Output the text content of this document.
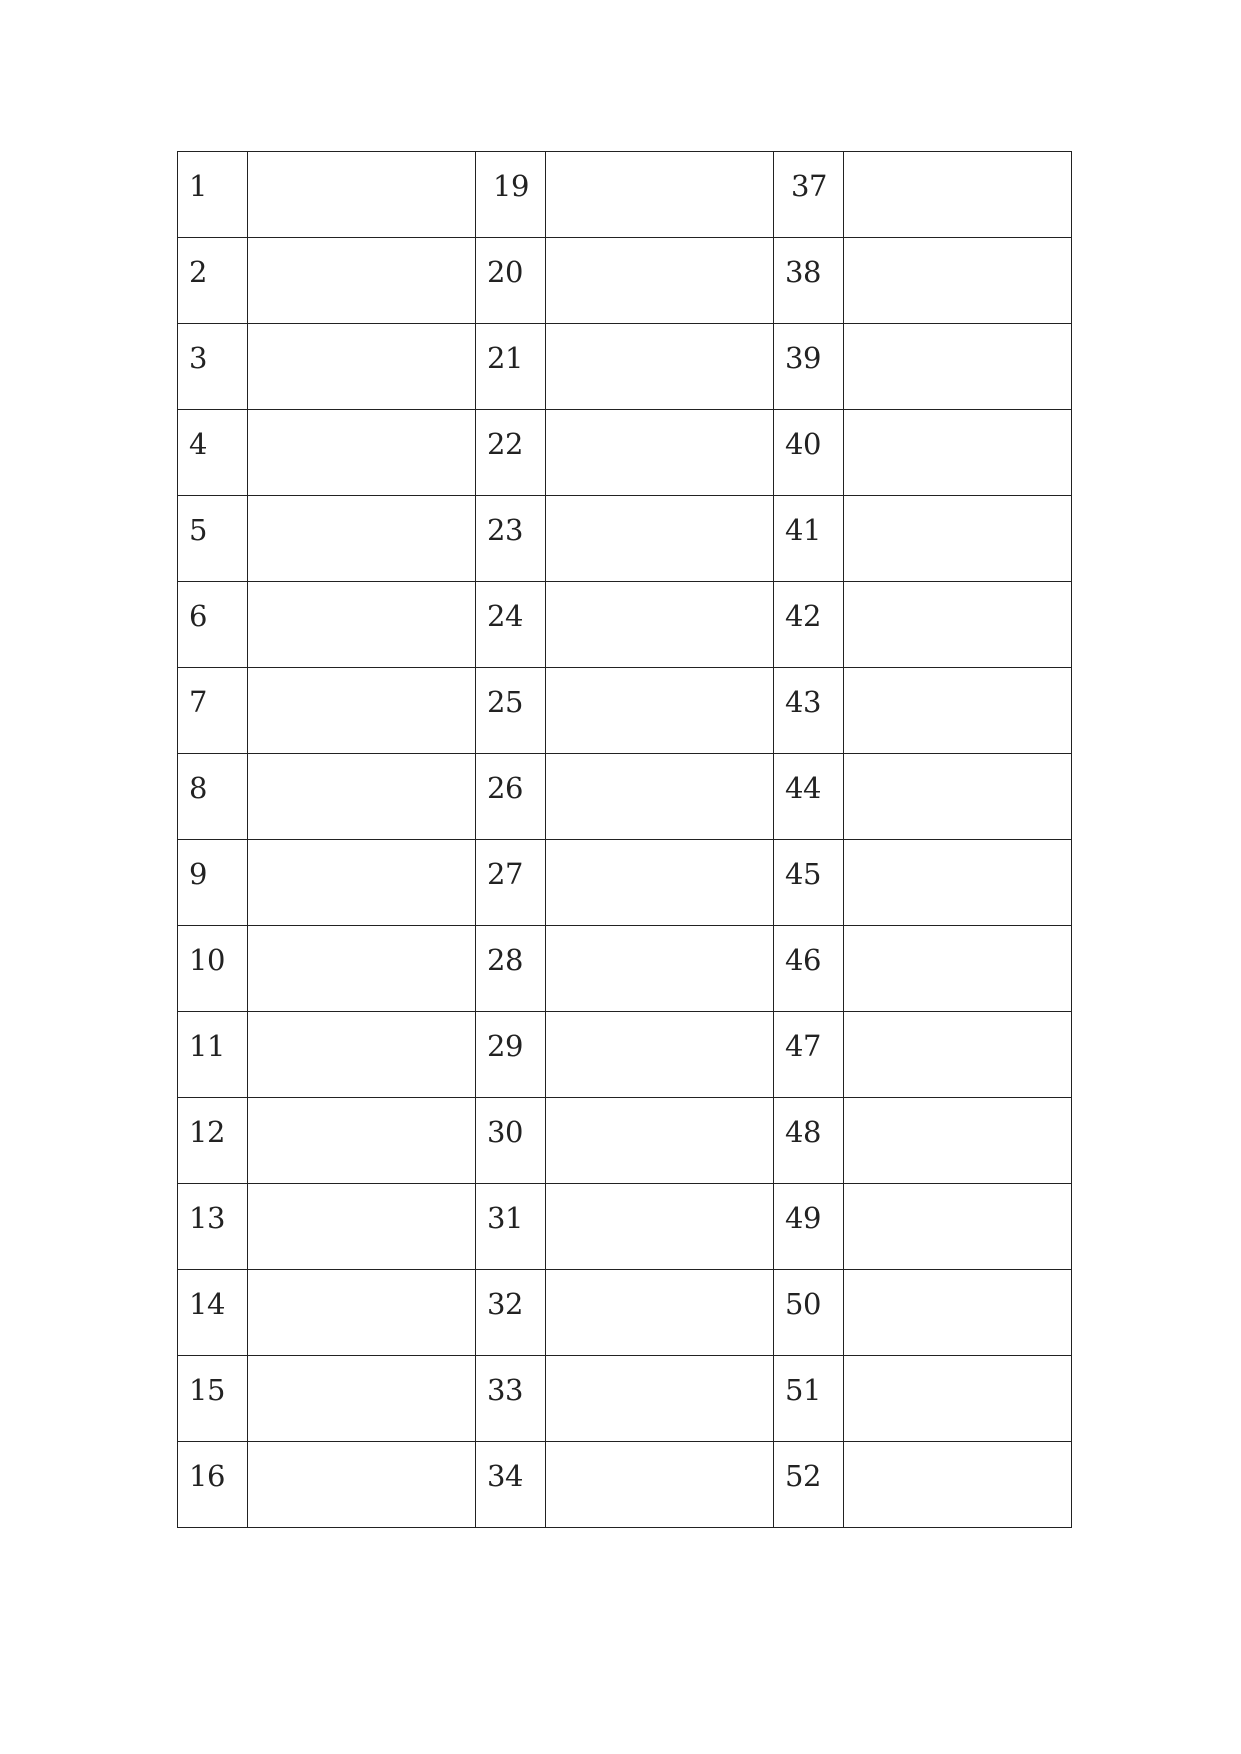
1		19		37	
2		20		38	
3		21		39	
4		22		40	
5		23		41	
6		24		42	
7		25		43	
8		26		44	
9		27		45	
10		28		46	
11		29		47	
12		30		48	
13		31		49	
14		32		50	
15		33		51	
16		34		52	
